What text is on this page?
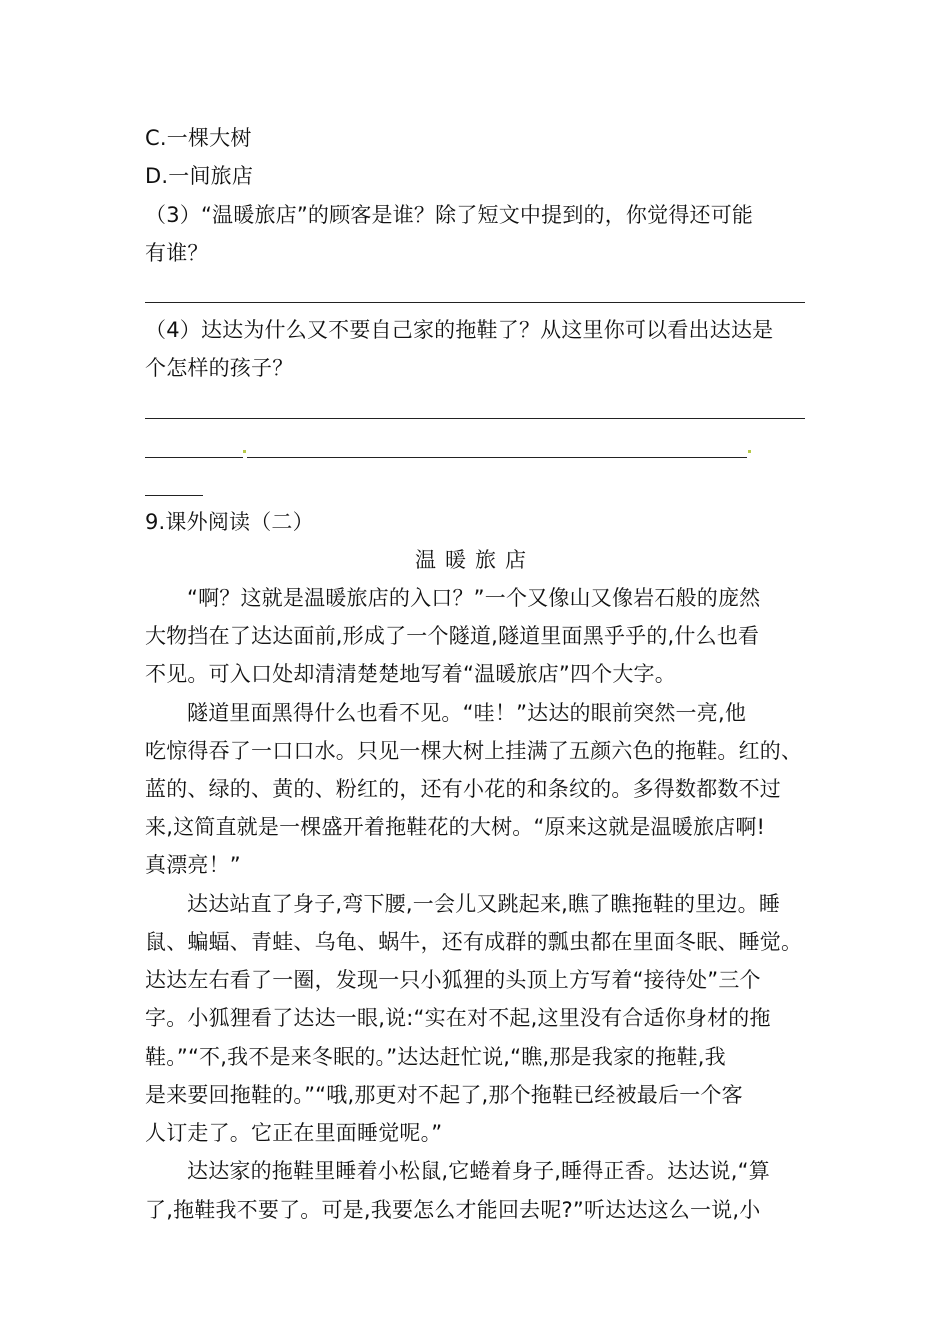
C.一棵大树
D.一间旅店
（3）“温暖旅店”的顾客是谁？除了短文中提到的，你觉得还可能
有谁？
（4）达达为什么又不要自己家的拖鞋了？从这里你可以看出达达是
个怎样的孩子？
9.课外阅读（二）
温暖旅店
“啊？这就是温暖旅店的入口？”一个又像山又像岩石般的庞然
大物挡在了达达面前,形成了一个隧道,隧道里面黑乎乎的,什么也看
不见。可入口处却清清楚楚地写着“温暖旅店”四个大字。
隧道里面黑得什么也看不见。“哇！”达达的眼前突然一亮,他
吃惊得吞了一口口水。只见一棵大树上挂满了五颜六色的拖鞋。红的、
蓝的、绿的、黄的、粉红的，还有小花的和条纹的。多得数都数不过
来,这简直就是一棵盛开着拖鞋花的大树。“原来这就是温暖旅店啊!
真漂亮！”
达达站直了身子,弯下腰,一会儿又跳起来,瞧了瞧拖鞋的里边。睡
鼠、蝙蝠、青蛙、乌龟、蜗牛，还有成群的瓢虫都在里面冬眠、睡觉。
达达左右看了一圈，发现一只小狐狸的头顶上方写着“接待处”三个
字。小狐狸看了达达一眼,说:“实在对不起,这里没有合适你身材的拖
鞋。”“不,我不是来冬眠的。”达达赶忙说,“瞧,那是我家的拖鞋,我
是来要回拖鞋的。”“哦,那更对不起了,那个拖鞋已经被最后一个客
人订走了。它正在里面睡觉呢。”
达达家的拖鞋里睡着小松鼠,它蜷着身子,睡得正香。达达说,“算
了,拖鞋我不要了。可是,我要怎么才能回去呢?”听达达这么一说,小
